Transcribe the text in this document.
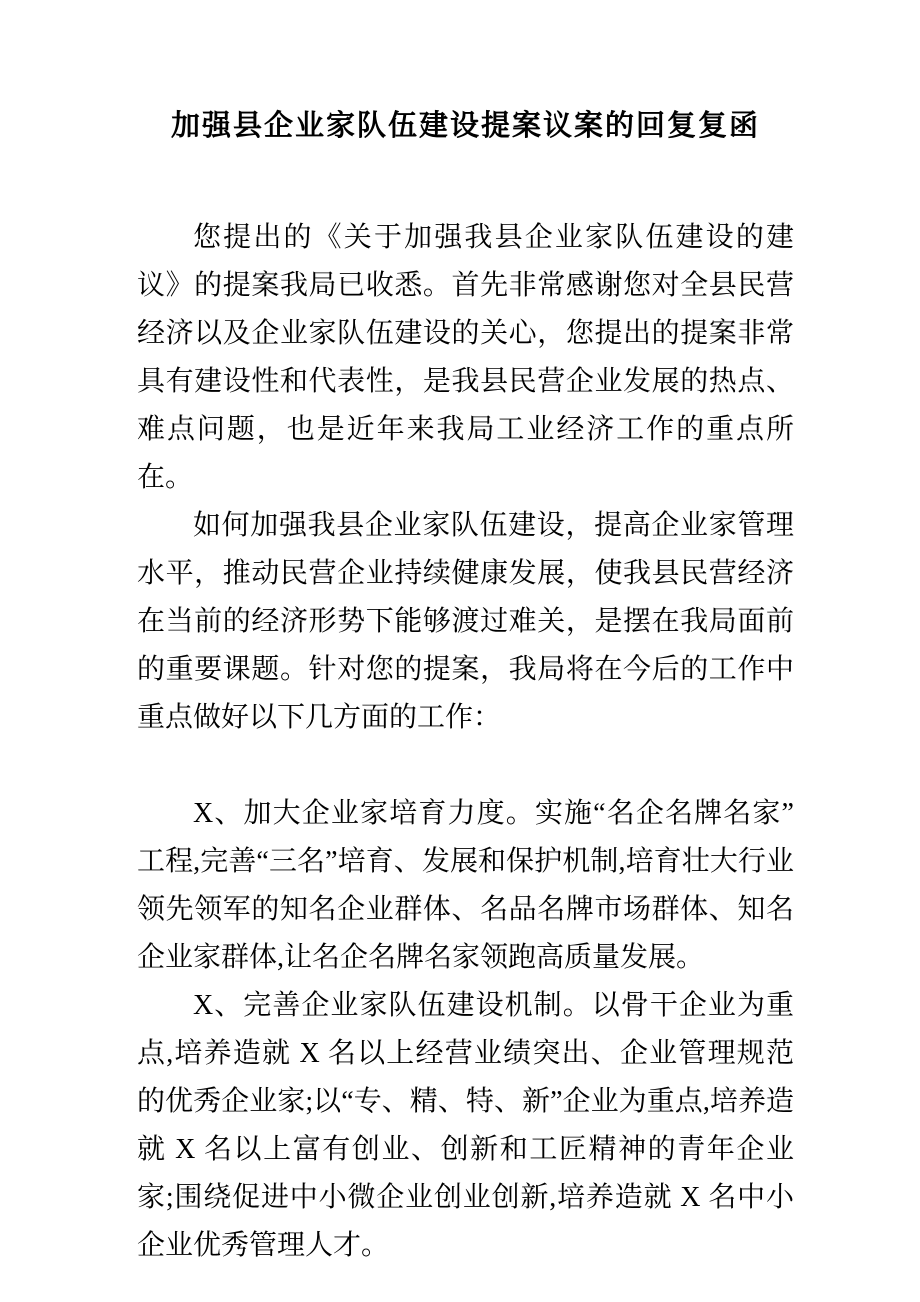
加强县企业家队伍建设提案议案的回复复函

您提出的《关于加强我县企业家队伍建设的建议》的提案我局已收悉。首先非常感谢您对全县民营经济以及企业家队伍建设的关心，您提出的提案非常具有建设性和代表性，是我县民营企业发展的热点、难点问题，也是近年来我局工业经济工作的重点所在。

如何加强我县企业家队伍建设，提高企业家管理水平，推动民营企业持续健康发展，使我县民营经济在当前的经济形势下能够渡过难关，是摆在我局面前的重要课题。针对您的提案，我局将在今后的工作中重点做好以下几方面的工作：

X、加大企业家培育力度。实施“名企名牌名家”工程,完善“三名”培育、发展和保护机制,培育壮大行业领先领军的知名企业群体、名品名牌市场群体、知名企业家群体,让名企名牌名家领跑高质量发展。

X、完善企业家队伍建设机制。以骨干企业为重点,培养造就 X 名以上经营业绩突出、企业管理规范的优秀企业家;以“专、精、特、新”企业为重点,培养造就 X 名以上富有创业、创新和工匠精神的青年企业家;围绕促进中小微企业创业创新,培养造就 X 名中小企业优秀管理人才。
